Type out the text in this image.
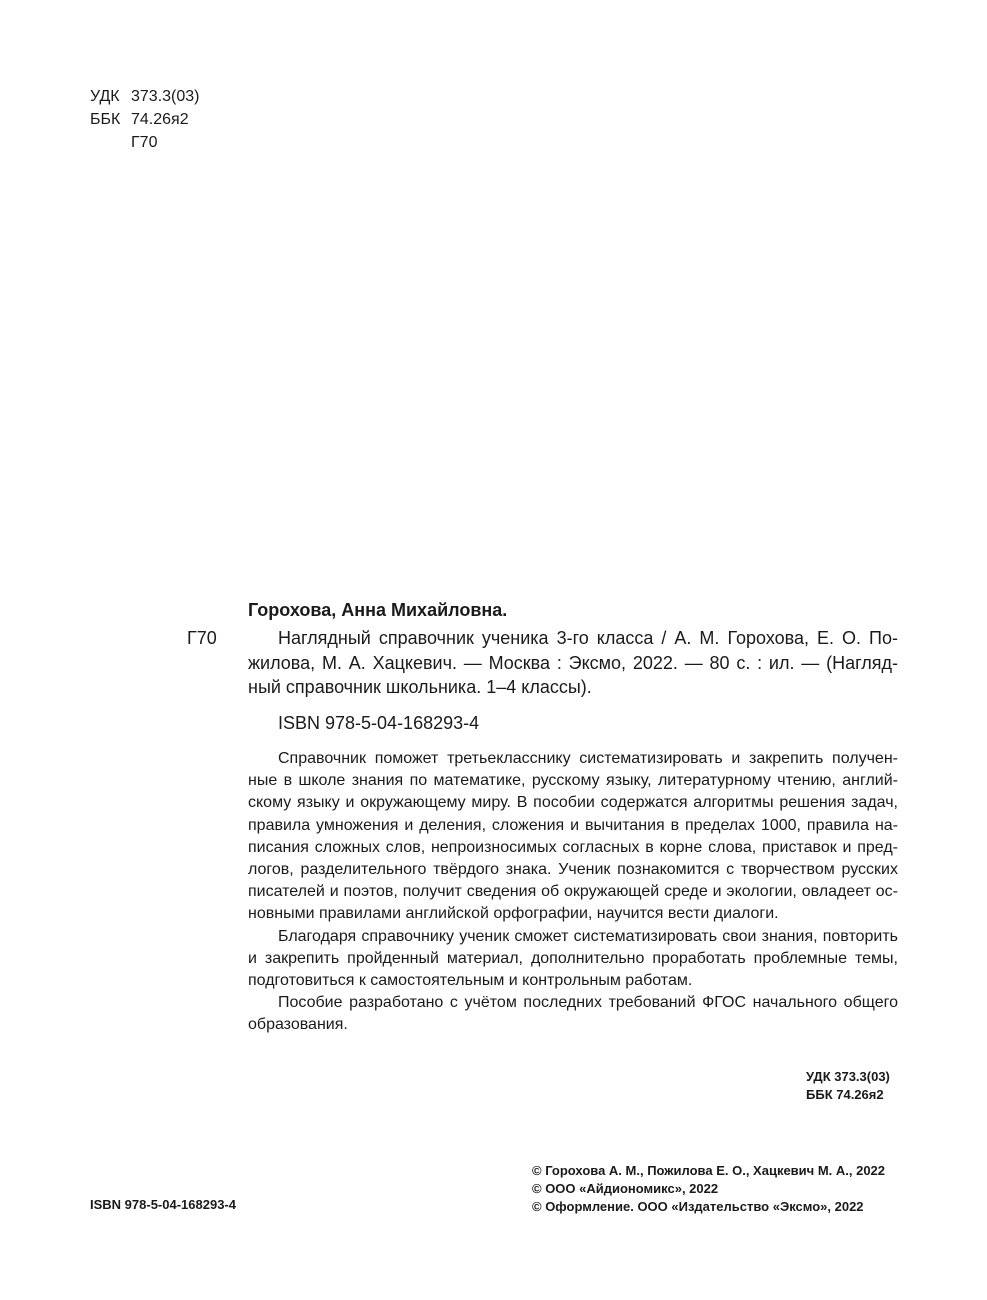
УДК 373.3(03)
ББК 74.26я2
Г70
Горохова, Анна Михайловна.
Г70	Наглядный справочник ученика 3-го класса / А. М. Горохова, Е. О. По-
жилова, М. А. Хацкевич. — Москва : Эксмо, 2022. — 80 с. : ил. — (Нагляд-
ный справочник школьника. 1–4 классы).
ISBN 978-5-04-168293-4
Справочник поможет третьекласснику систематизировать и закрепить получен-
ные в школе знания по математике, русскому языку, литературному чтению, англий-
скому языку и окружающему миру. В пособии содержатся алгоритмы решения задач,
правила умножения и деления, сложения и вычитания в пределах 1000, правила на-
писания сложных слов, непроизносимых согласных в корне слова, приставок и пред-
логов, разделительного твёрдого знака. Ученик познакомится с творчеством русских
писателей и поэтов, получит сведения об окружающей среде и экологии, овладеет ос-
новными правилами английской орфографии, научится вести диалоги.
Благодаря справочнику ученик сможет систематизировать свои знания, повторить
и закрепить пройденный материал, дополнительно проработать проблемные темы,
подготовиться к самостоятельным и контрольным работам.
Пособие разработано с учётом последних требований ФГОС начального общего
образования.
УДК 373.3(03)
ББК 74.26я2
ISBN 978-5-04-168293-4
© Горохова А. М., Пожилова Е. О., Хацкевич М. А., 2022
© ООО «Айдиономикс», 2022
© Оформление. ООО «Издательство «Эксмо», 2022
